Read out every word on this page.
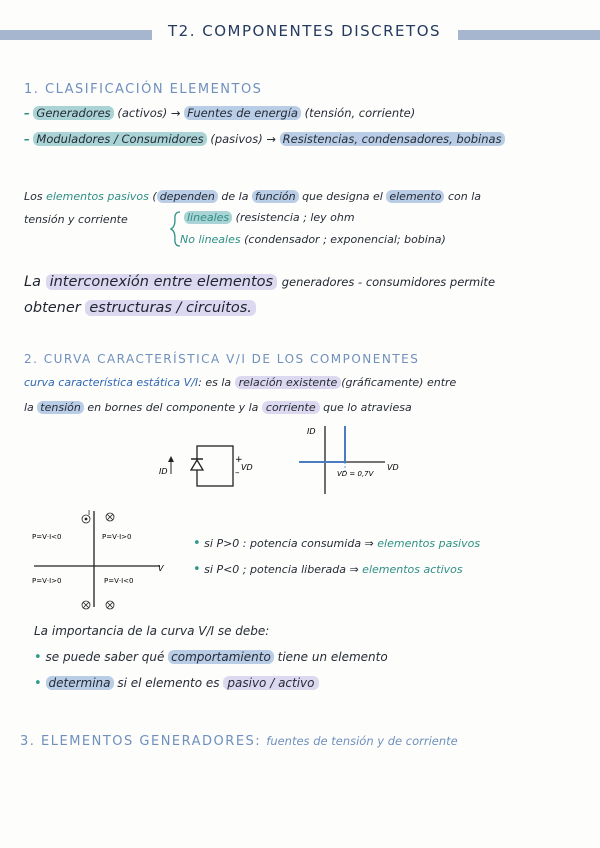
T2. COMPONENTES DISCRETOS
1. CLASIFICACIÓN ELEMENTOS
– Generadores (activos) → Fuentes de energía (tensión, corriente)
– Moduladores / Consumidores (pasivos) → Resistencias, condensadores, bobinas
Los elementos pasivos ( dependen de la función que designa el elemento con la
tensión y corriente	lineales (resistencia ; ley ohm
No lineales (condensador ; exponencial; bobina)
La interconexión entre elementos generadores - consumidores permite
obtener estructuras / circuitos.
2. CURVA CARACTERÍSTICA V/I DE LOS COMPONENTES
curva característica estática V/I: es la relación existente (gráficamente) entre
la tensión en bornes del componente y la corriente que lo atraviesa
ID
+
–
VD
ID
VD
VD = 0,7V
I
V
P=V·I<0	P=V·I>0
P=V·I>0	P=V·I<0
• si P>0 : potencia consumida ⇒ elementos pasivos
• si P<0 ; potencia liberada ⇒ elementos activos
La importancia de la curva V/I se debe:
• se puede saber qué comportamiento tiene un elemento
• determina si el elemento es pasivo / activo
3. ELEMENTOS GENERADORES: fuentes de tensión y de corriente
